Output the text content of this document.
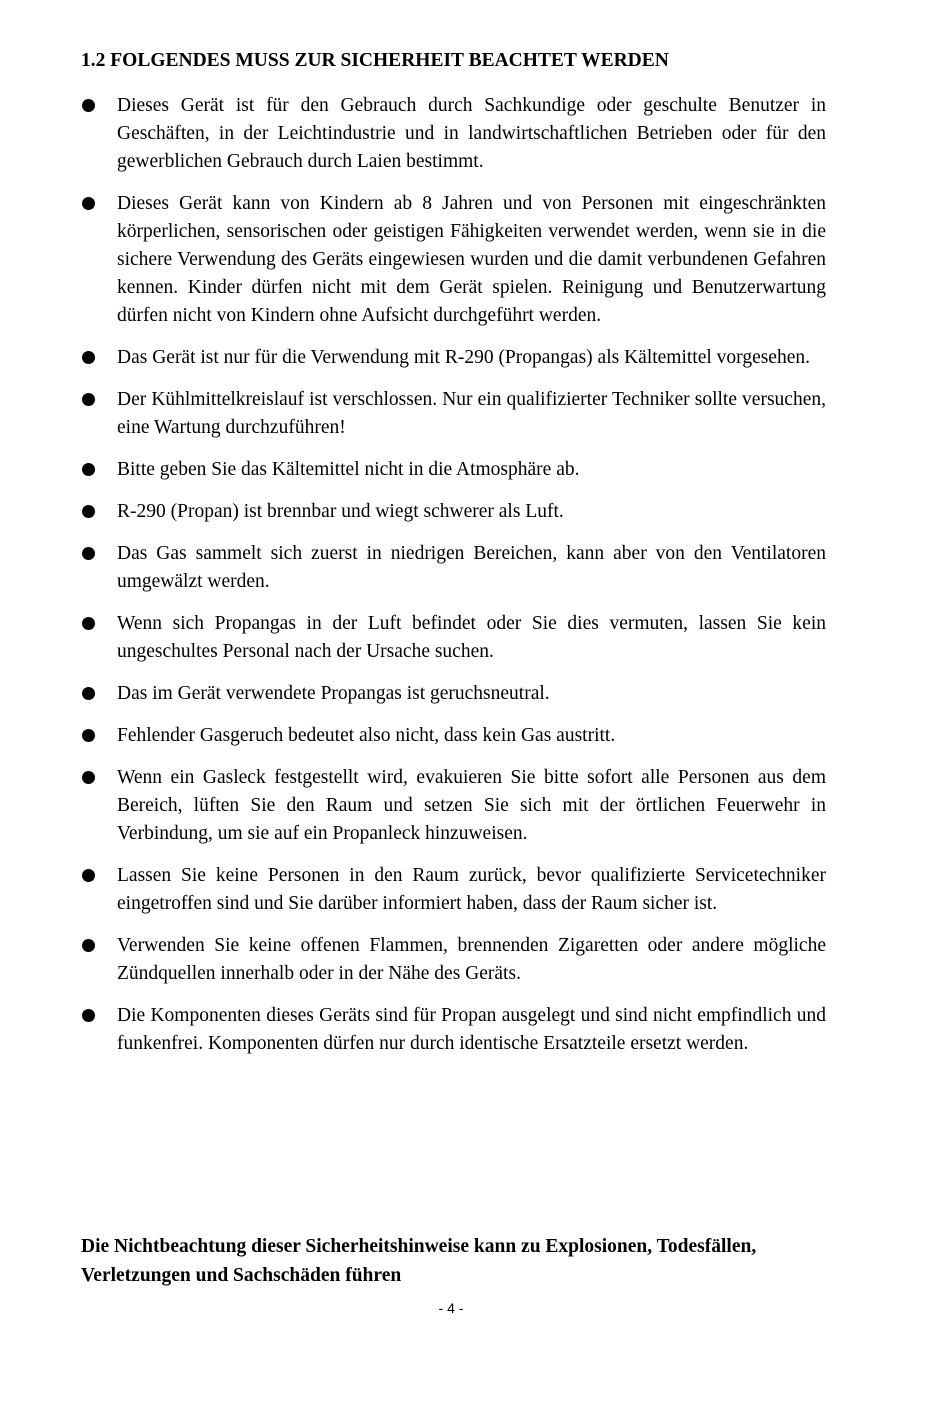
1.2 FOLGENDES MUSS ZUR SICHERHEIT BEACHTET WERDEN
Dieses Gerät ist für den Gebrauch durch Sachkundige oder geschulte Benutzer in Geschäften, in der Leichtindustrie und in landwirtschaftlichen Betrieben oder für den gewerblichen Gebrauch durch Laien bestimmt.
Dieses Gerät kann von Kindern ab 8 Jahren und von Personen mit eingeschränkten körperlichen, sensorischen oder geistigen Fähigkeiten verwendet werden, wenn sie in die sichere Verwendung des Geräts eingewiesen wurden und die damit verbundenen Gefahren kennen. Kinder dürfen nicht mit dem Gerät spielen. Reinigung und Benutzerwartung dürfen nicht von Kindern ohne Aufsicht durchgeführt werden.
Das Gerät ist nur für die Verwendung mit R-290 (Propangas) als Kältemittel vorgesehen.
Der Kühlmittelkreislauf ist verschlossen. Nur ein qualifizierter Techniker sollte versuchen, eine Wartung durchzuführen!
Bitte geben Sie das Kältemittel nicht in die Atmosphäre ab.
R-290 (Propan) ist brennbar und wiegt schwerer als Luft.
Das Gas sammelt sich zuerst in niedrigen Bereichen, kann aber von den Ventilatoren umgewälzt werden.
Wenn sich Propangas in der Luft befindet oder Sie dies vermuten, lassen Sie kein ungeschultes Personal nach der Ursache suchen.
Das im Gerät verwendete Propangas ist geruchsneutral.
Fehlender Gasgeruch bedeutet also nicht, dass kein Gas austritt.
Wenn ein Gasleck festgestellt wird, evakuieren Sie bitte sofort alle Personen aus dem Bereich, lüften Sie den Raum und setzen Sie sich mit der örtlichen Feuerwehr in Verbindung, um sie auf ein Propanleck hinzuweisen.
Lassen Sie keine Personen in den Raum zurück, bevor qualifizierte Servicetechniker eingetroffen sind und Sie darüber informiert haben, dass der Raum sicher ist.
Verwenden Sie keine offenen Flammen, brennenden Zigaretten oder andere mögliche Zündquellen innerhalb oder in der Nähe des Geräts.
Die Komponenten dieses Geräts sind für Propan ausgelegt und sind nicht empfindlich und funkenfrei. Komponenten dürfen nur durch identische Ersatzteile ersetzt werden.

Die Nichtbeachtung dieser Sicherheitshinweise kann zu Explosionen, Todesfällen, Verletzungen und Sachschäden führen

- 4 -
